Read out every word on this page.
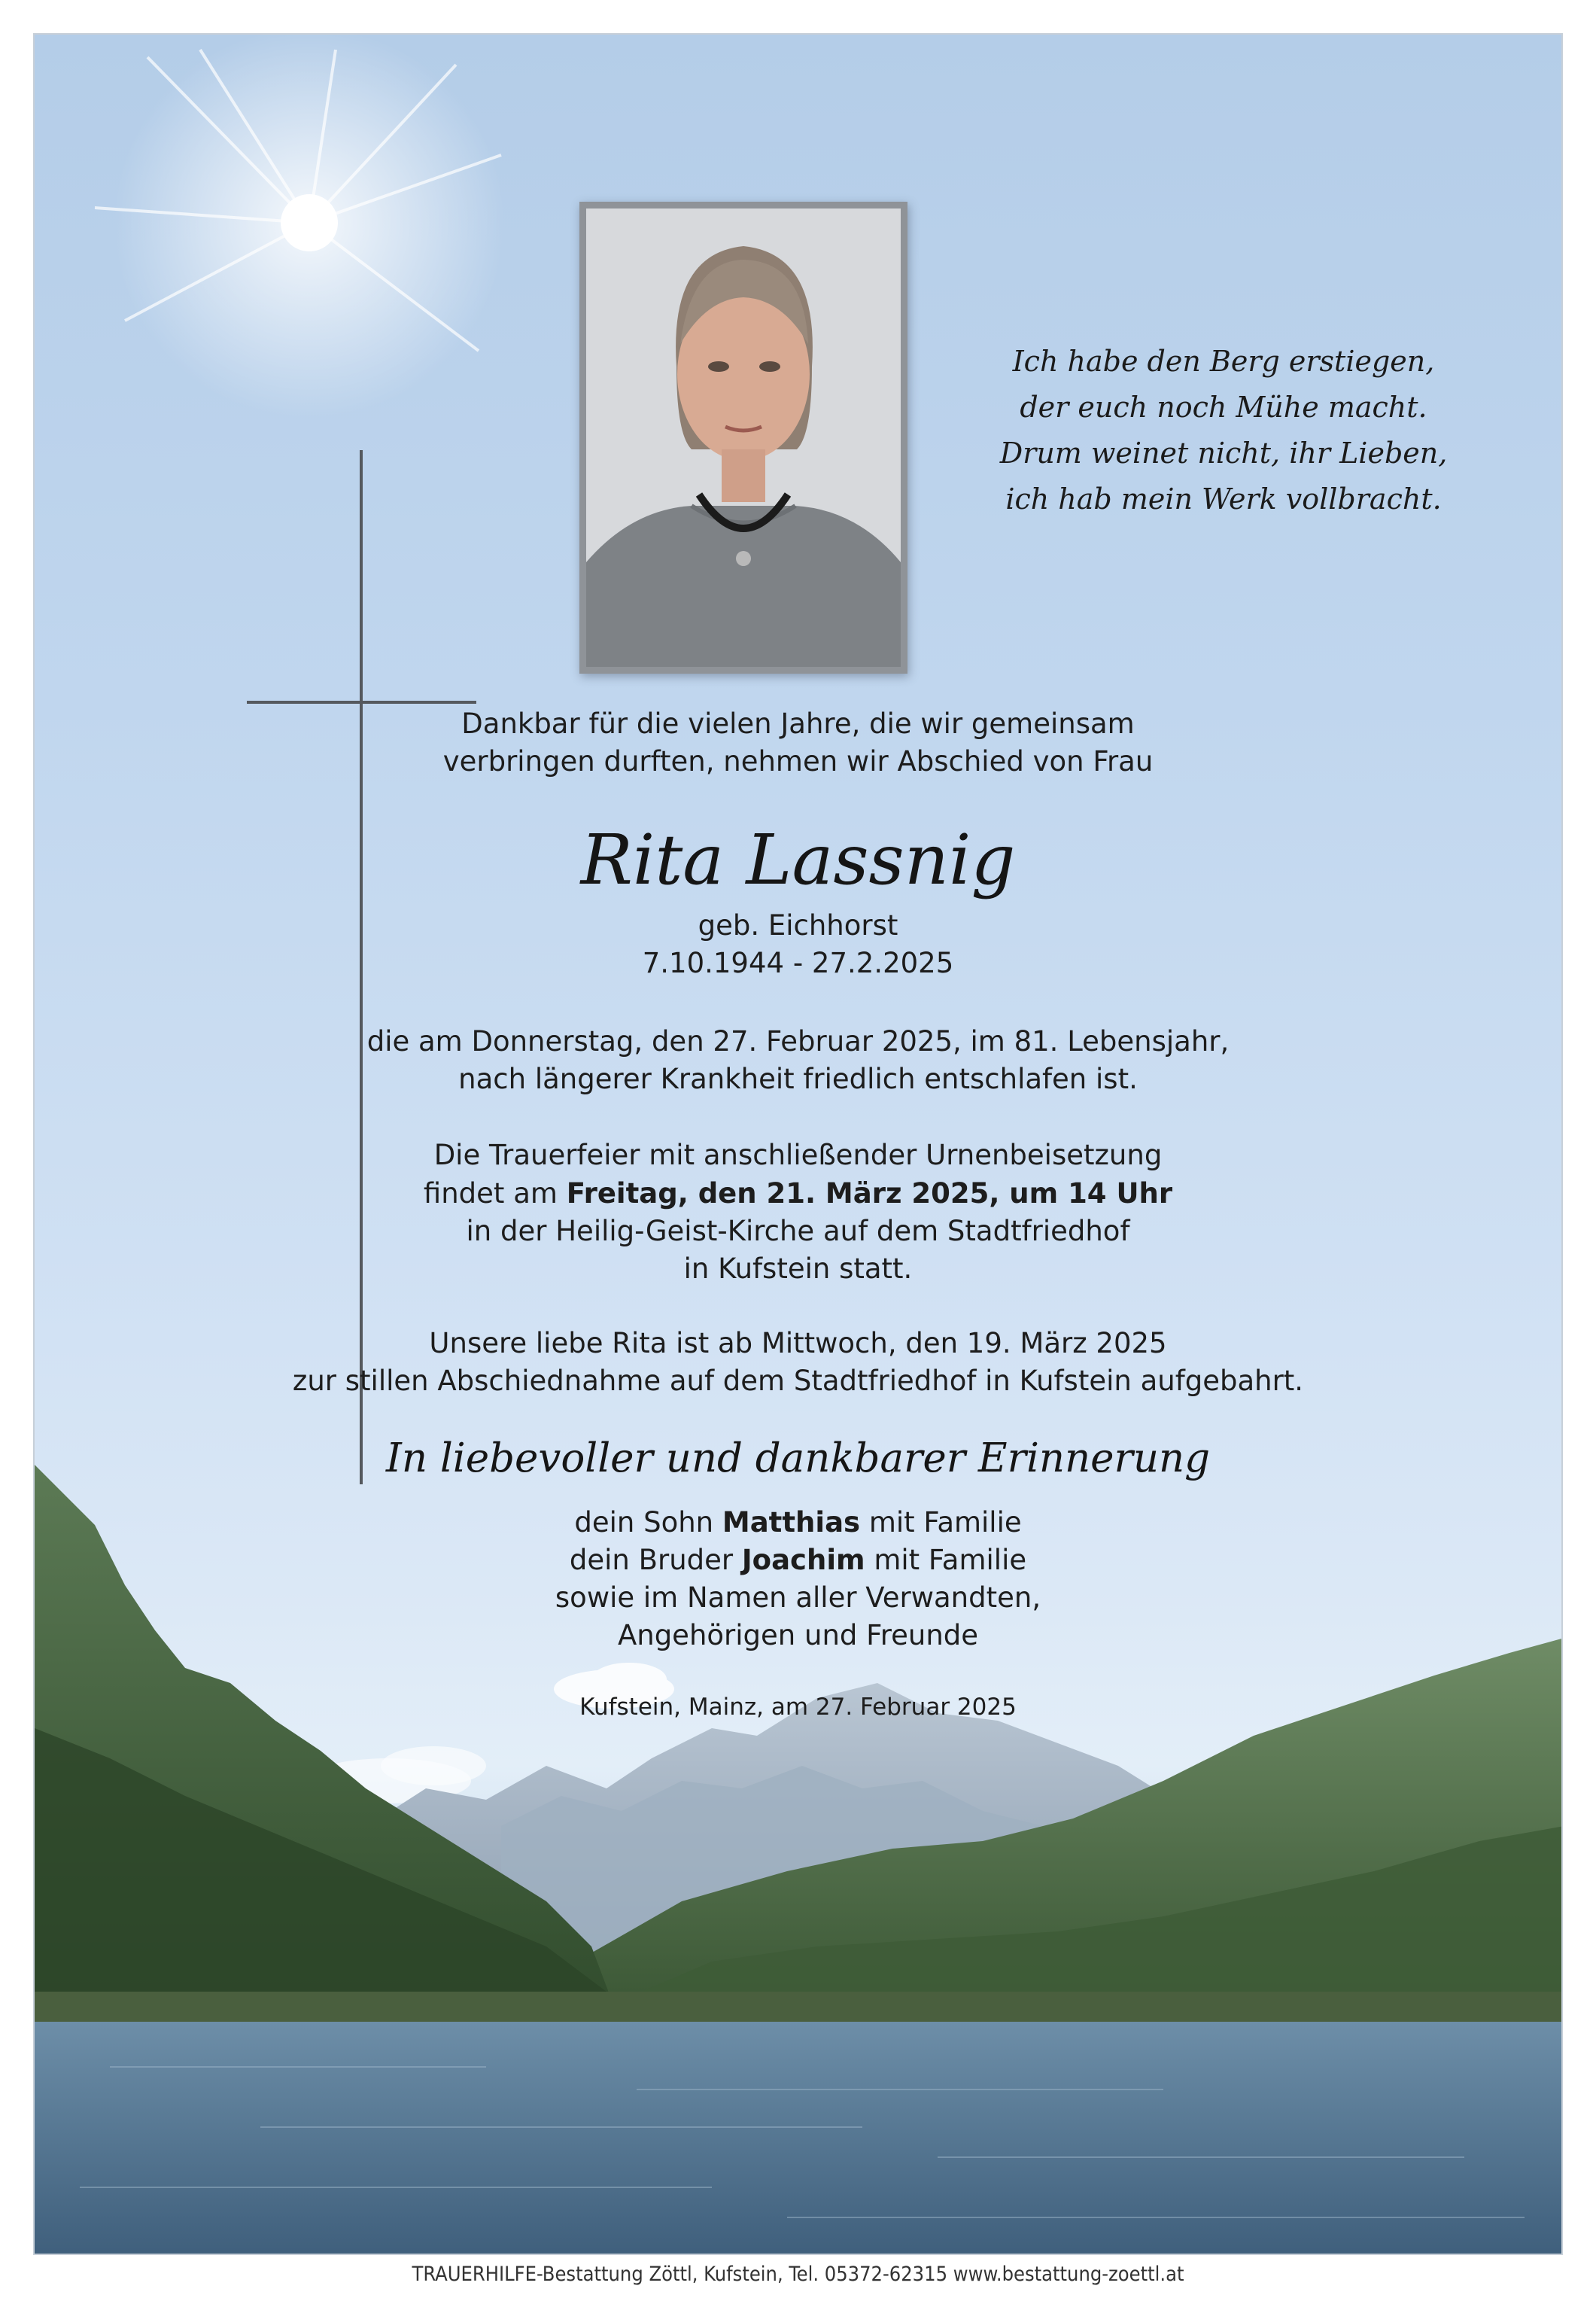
Ich habe den Berg erstiegen,
der euch noch Mühe macht.
Drum weinet nicht, ihr Lieben,
ich hab mein Werk vollbracht.
Dankbar für die vielen Jahre, die wir gemeinsam
verbringen durften, nehmen wir Abschied von Frau
Rita Lassnig
geb. Eichhorst
7.10.1944 - 27.2.2025
die am Donnerstag, den 27. Februar 2025, im 81. Lebensjahr,
nach längerer Krankheit friedlich entschlafen ist.
Die Trauerfeier mit anschließender Urnenbeisetzung
findet am Freitag, den 21. März 2025, um 14 Uhr
in der Heilig-Geist-Kirche auf dem Stadtfriedhof
in Kufstein statt.
Unsere liebe Rita ist ab Mittwoch, den 19. März 2025
zur stillen Abschiednahme auf dem Stadtfriedhof in Kufstein aufgebahrt.
In liebevoller und dankbarer Erinnerung
dein Sohn Matthias mit Familie
dein Bruder Joachim mit Familie
sowie im Namen aller Verwandten,
Angehörigen und Freunde
Kufstein, Mainz, am 27. Februar 2025
TRAUERHILFE-Bestattung Zöttl, Kufstein, Tel. 05372-62315 www.bestattung-zoettl.at
